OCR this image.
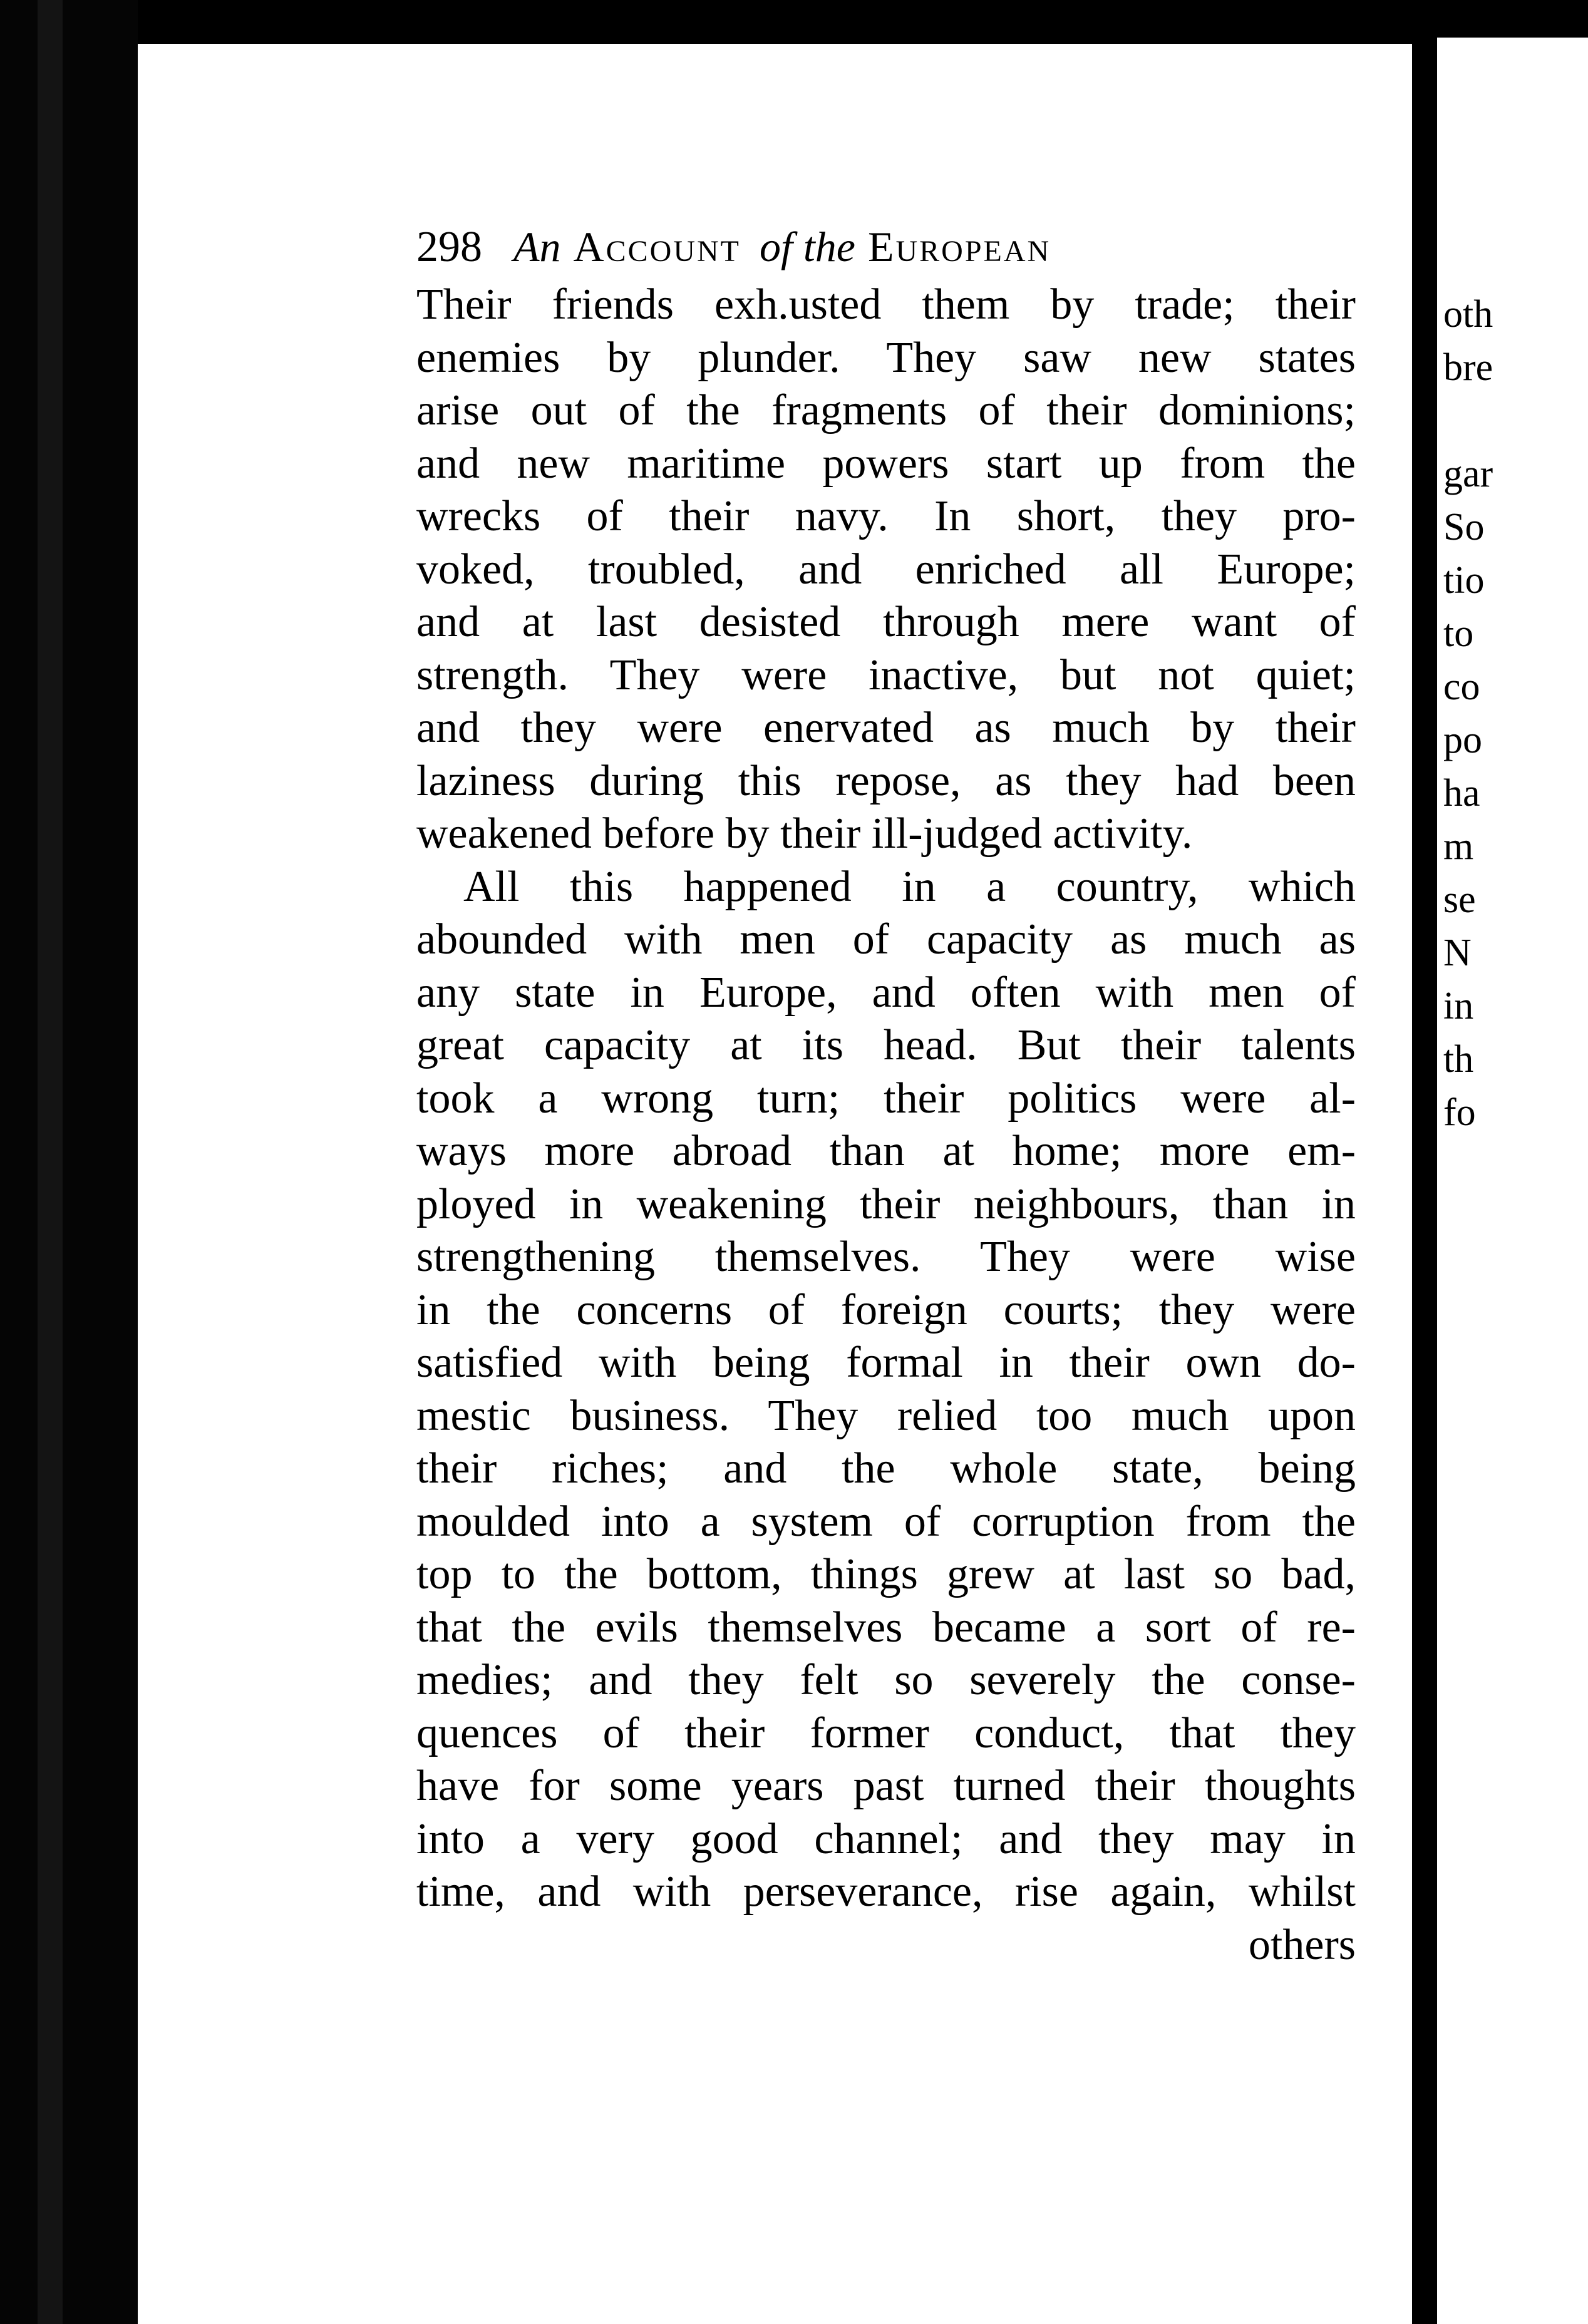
298 An Account of the European
Their friends exh.usted them by trade; their
enemies by plunder. They saw new states
arise out of the fragments of their dominions;
and new maritime powers start up from the
wrecks of their navy. In short, they pro-
voked, troubled, and enriched all Europe;
and at last desisted through mere want of
strength. They were inactive, but not quiet;
and they were enervated as much by their
laziness during this repose, as they had been
weakened before by their ill-judged activity.
All this happened in a country, which
abounded with men of capacity as much as
any state in Europe, and often with men of
great capacity at its head. But their talents
took a wrong turn; their politics were al-
ways more abroad than at home; more em-
ployed in weakening their neighbours, than in
strengthening themselves. They were wise
in the concerns of foreign courts; they were
satisfied with being formal in their own do-
mestic business. They relied too much upon
their riches; and the whole state, being
moulded into a system of corruption from the
top to the bottom, things grew at last so bad,
that the evils themselves became a sort of re-
medies; and they felt so severely the conse-
quences of their former conduct, that they
have for some years past turned their thoughts
into a very good channel; and they may in
time, and with perseverance, rise again, whilst
others
oth
bre

gar
So
tio
to
co
po
ha
m
se
N
in
th
fo
